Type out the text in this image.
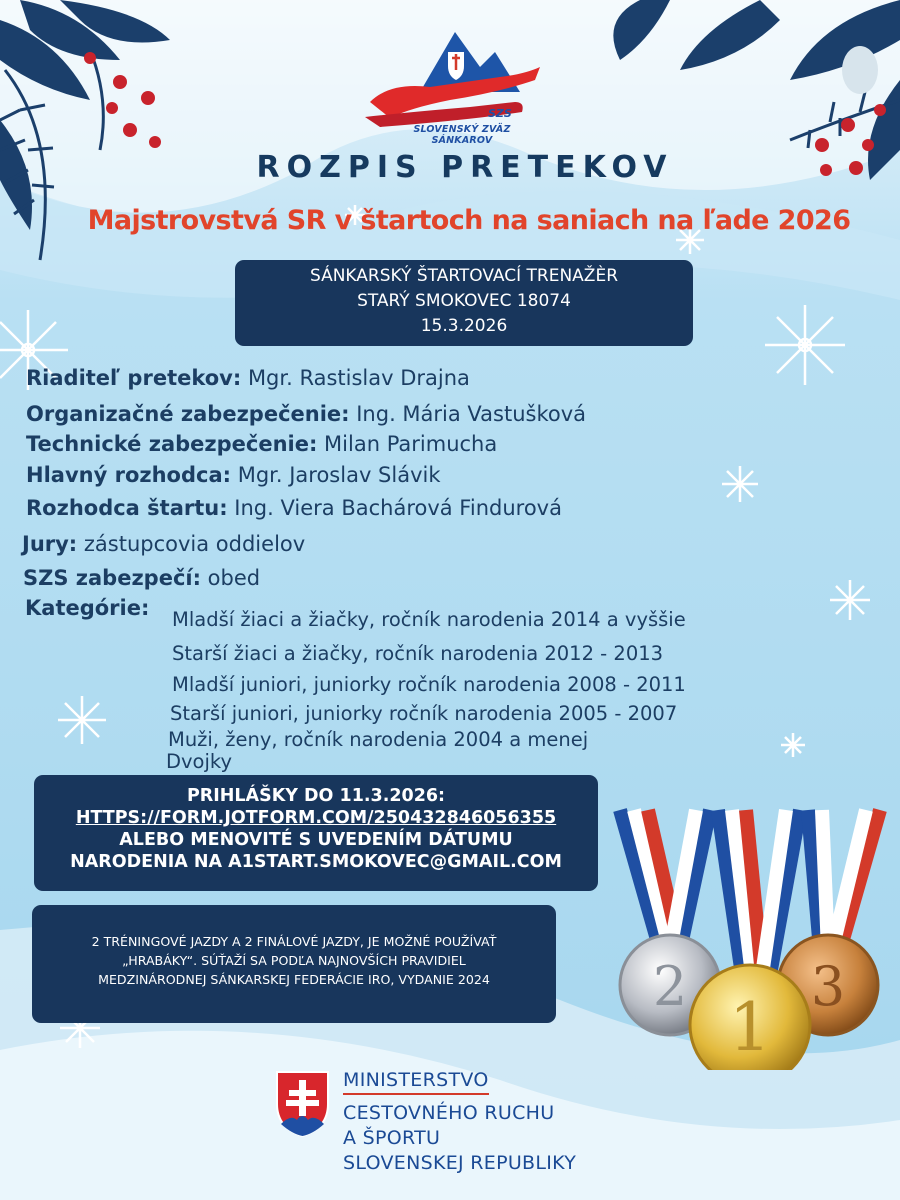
SZS
SLOVENSKÝ ZVÄZ SÁNKAROV
ROZPIS PRETEKOV
Majstrovstvá SR v štartoch na saniach na ľade 2026
SÁNKARSKÝ ŠTARTOVACÍ TRENAŽÈR
STARÝ SMOKOVEC 18074
15.3.2026
Riaditeľ pretekov: Mgr. Rastislav Drajna
Organizačné zabezpečenie: Ing. Mária Vastušková
Technické zabezpečenie: Milan Parimucha
Hlavný rozhodca: Mgr. Jaroslav Slávik
Rozhodca štartu: Ing. Viera Bachárová Findurová
Jury: zástupcovia oddielov
SZS zabezpečí: obed
Kategórie: Mladší žiaci a žiačky, ročník narodenia 2014 a vyššie
Starší žiaci a žiačky, ročník narodenia 2012 - 2013
Mladší juniori, juniorky ročník narodenia 2008 - 2011
Starší juniori, juniorky ročník narodenia 2005 - 2007
Muži, ženy, ročník narodenia 2004 a menej
Dvojky
PRIHLÁŠKY DO 11.3.2026:
HTTPS://FORM.JOTFORM.COM/250432846056355
ALEBO MENOVITÉ S UVEDENÍM DÁTUMU
NARODENIA NA A1START.SMOKOVEC@GMAIL.COM
2 TRÉNINGOVÉ JAZDY A 2 FINÁLOVÉ JAZDY, JE MOŽNÉ POUŽÍVAŤ
„HRABÁKY“. SÚŤAŽÍ SA PODĽA NAJNOVŠÍCH PRAVIDIEL
MEDZINÁRODNEJ SÁNKARSKEJ FEDERÁCIE IRO, VYDANIE 2024	2 3
1
MINISTERSTVO
CESTOVNÉHO RUCHU
A ŠPORTU
SLOVENSKEJ REPUBLIKY
